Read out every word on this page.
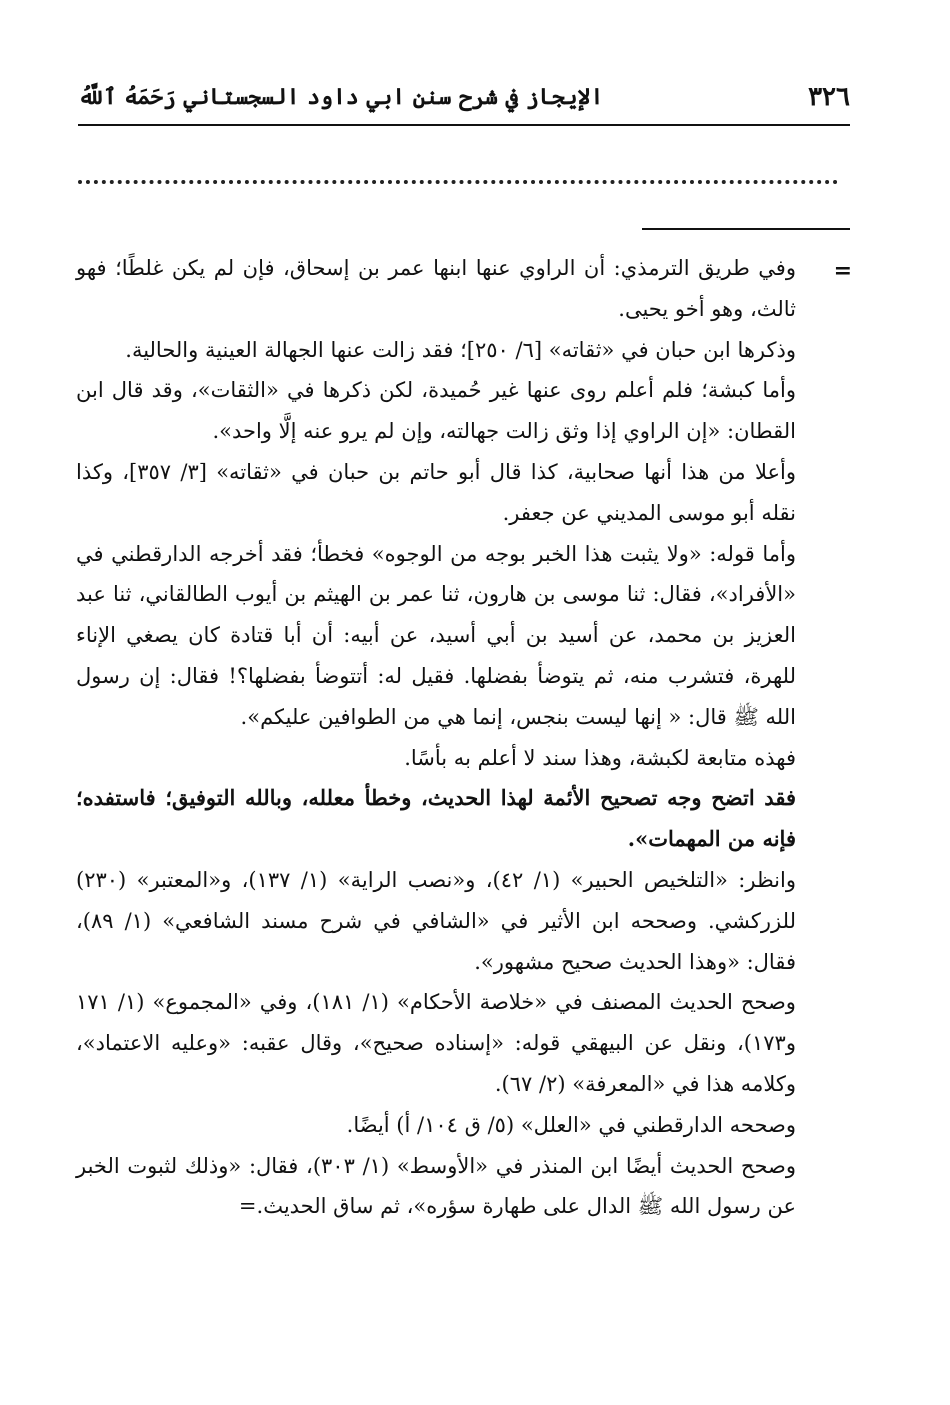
٣٢٦
الإيجاز في شرح سنن ابي داود السجستاني رَحَمَهُ ٱللَّهُ
=

وفي طريق الترمذي: أن الراوي عنها ابنها عمر بن إسحاق، فإن لم يكن غلطًا؛ فهو ثالث، وهو أخو يحيى.

وذكرها ابن حبان في «ثقاته» [٦/ ٢٥٠]؛ فقد زالت عنها الجهالة العينية والحالية.

وأما كبشة؛ فلم أعلم روى عنها غير حُميدة، لكن ذكرها في «الثقات»، وقد قال ابن القطان: «إن الراوي إذا وثق زالت جهالته، وإن لم يرو عنه إلَّا واحد».

وأعلا من هذا أنها صحابية، كذا قال أبو حاتم بن حبان في «ثقاته» [٣/ ٣٥٧]، وكذا نقله أبو موسى المديني عن جعفر.

وأما قوله: «ولا يثبت هذا الخبر بوجه من الوجوه» فخطأ؛ فقد أخرجه الدارقطني في «الأفراد»، فقال: ثنا موسى بن هارون، ثنا عمر بن الهيثم بن أيوب الطالقاني، ثنا عبد العزيز بن محمد، عن أسيد بن أبي أسيد، عن أبيه: أن أبا قتادة كان يصغي الإناء للهرة، فتشرب منه، ثم يتوضأ بفضلها. فقيل له: أتتوضأ بفضلها؟! فقال: إن رسول الله ﷺ قال: « إنها ليست بنجس، إنما هي من الطوافين عليكم».

فهذه متابعة لكبشة، وهذا سند لا أعلم به بأسًا.

فقد اتضح وجه تصحيح الأئمة لهذا الحديث، وخطأ معلله، وبالله التوفيق؛ فاستفده؛ فإنه من المهمات».

وانظر: «التلخيص الحبير» (١/ ٤٢)، و«نصب الراية» (١/ ١٣٧)، و«المعتبر» (٢٣٠) للزركشي. وصححه ابن الأثير في «الشافي في شرح مسند الشافعي» (١/ ٨٩)، فقال: «وهذا الحديث صحيح مشهور».

وصحح الحديث المصنف في «خلاصة الأحكام» (١/ ١٨١)، وفي «المجموع» (١/ ١٧١ و١٧٣)، ونقل عن البيهقي قوله: «إسناده صحيح»، وقال عقبه: «وعليه الاعتماد»، وكلامه هذا في «المعرفة» (٢/ ٦٧).

وصححه الدارقطني في «العلل» (٥/ ق ١٠٤/ أ) أيضًا.

وصحح الحديث أيضًا ابن المنذر في «الأوسط» (١/ ٣٠٣)، فقال: «وذلك لثبوت الخبر عن رسول الله ﷺ الدال على طهارة سؤره»، ثم ساق الحديث.=
